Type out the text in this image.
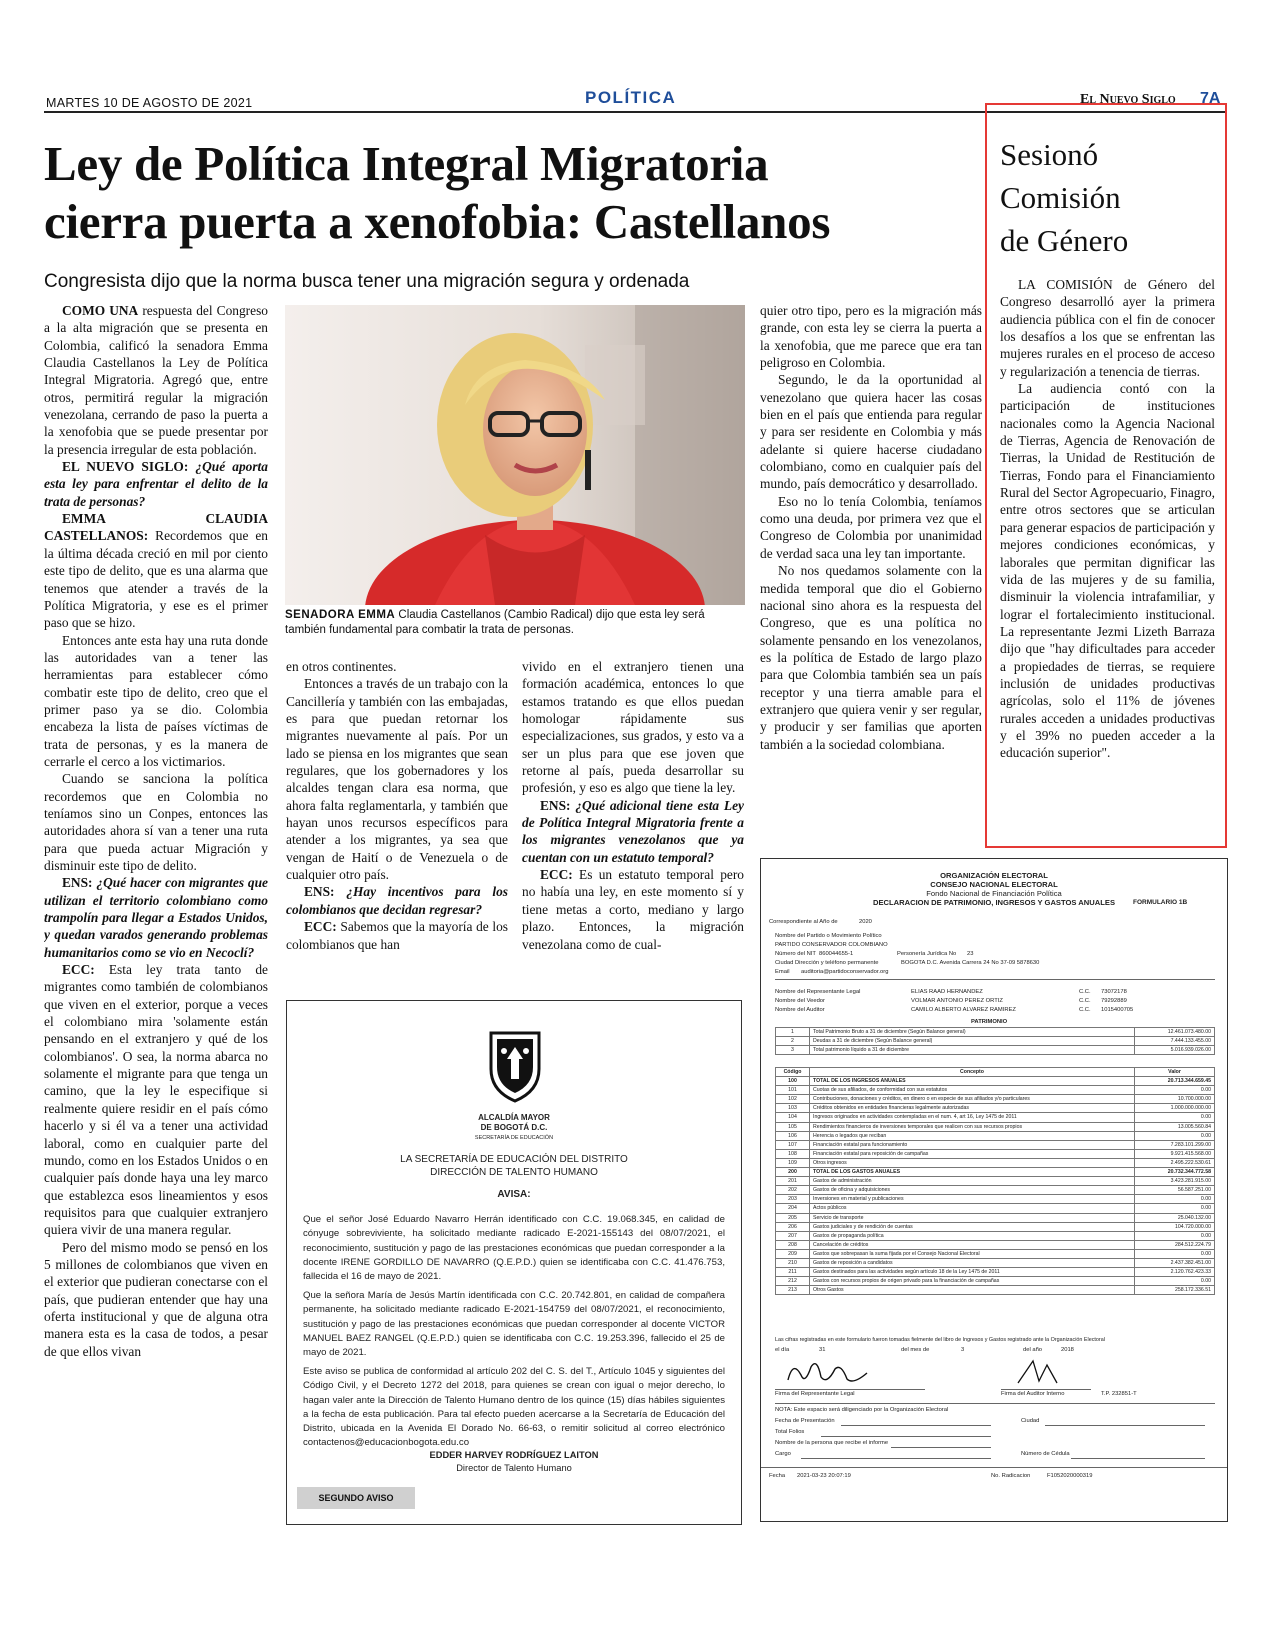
MARTES 10 DE AGOSTO DE 2021	POLÍTICA	El Nuevo Siglo 7A
Ley de Política Integral Migratoria
cierra puerta a xenofobia: Castellanos
Congresista dijo que la norma busca tener una migración segura y ordenada

COMO UNA respuesta del Congreso a la alta migración que se presenta en Colombia, calificó la senadora Emma Claudia Castellanos la Ley de Política Integral Migratoria. Agregó que, entre otros, permitirá regular la migración venezolana, cerrando de paso la puerta a la xenofobia que se puede presentar por la presencia irregular de esta población.

EL NUEVO SIGLO: ¿Qué aporta esta ley para enfrentar el delito de la trata de personas?

EMMA CLAUDIA CASTELLANOS: Recordemos que en la última década creció en mil por ciento este tipo de delito, que es una alarma que tenemos que atender a través de la Política Migratoria, y ese es el primer paso que se hizo.

Entonces ante esta hay una ruta donde las autoridades van a tener las herramientas para establecer cómo combatir este tipo de delito, creo que el primer paso ya se dio. Colombia encabeza la lista de países víctimas de trata de personas, y es la manera de cerrarle el cerco a los victimarios.

Cuando se sanciona la política recordemos que en Colombia no teníamos sino un Conpes, entonces las autoridades ahora sí van a tener una ruta para que pueda actuar Migración y disminuir este tipo de delito.

ENS: ¿Qué hacer con migrantes que utilizan el territorio colombiano como trampolín para llegar a Estados Unidos, y quedan varados generando problemas humanitarios como se vio en Necoclí?

ECC: Esta ley trata tanto de migrantes como también de colombianos que viven en el exterior, porque a veces el colombiano mira 'solamente están pensando en el extranjero y qué de los colombianos'. O sea, la norma abarca no solamente el migrante para que tenga un camino, que la ley le especifique si realmente quiere residir en el país cómo hacerlo y si él va a tener una actividad laboral, como en cualquier parte del mundo, como en los Estados Unidos o en cualquier país donde haya una ley marco que establezca esos lineamientos y esos requisitos para que cualquier extranjero quiera vivir de una manera regular.

Pero del mismo modo se pensó en los 5 millones de colombianos que viven en el exterior que pudieran conectarse con el país, que pudieran entender que hay una oferta institucional y que de alguna otra manera esta es la casa de todos, a pesar de que ellos vivan

SENADORA EMMA Claudia Castellanos (Cambio Radical) dijo que esta ley será también fundamental para combatir la trata de personas.

en otros continentes.

Entonces a través de un trabajo con la Cancillería y también con las embajadas, es para que puedan retornar los migrantes nuevamente al país. Por un lado se piensa en los migrantes que sean regulares, que los gobernadores y los alcaldes tengan clara esa norma, que ahora falta reglamentarla, y también que hayan unos recursos específicos para atender a los migrantes, ya sea que vengan de Haití o de Venezuela o de cualquier otro país.

ENS: ¿Hay incentivos para los colombianos que decidan regresar?

ECC: Sabemos que la mayoría de los colombianos que han

vivido en el extranjero tienen una formación académica, entonces lo que estamos tratando es que ellos puedan homologar rápidamente sus especializaciones, sus grados, y esto va a ser un plus para que ese joven que retorne al país, pueda desarrollar su profesión, y eso es algo que tiene la ley.

ENS: ¿Qué adicional tiene esta Ley de Política Integral Migratoria frente a los migrantes venezolanos que ya cuentan con un estatuto temporal?

ECC: Es un estatuto temporal pero no había una ley, en este momento sí y tiene metas a corto, mediano y largo plazo. Entonces, la migración venezolana como de cual-

quier otro tipo, pero es la migración más grande, con esta ley se cierra la puerta a la xenofobia, que me parece que era tan peligroso en Colombia.

Segundo, le da la oportunidad al venezolano que quiera hacer las cosas bien en el país que entienda para regular y para ser residente en Colombia y más adelante si quiere hacerse ciudadano colombiano, como en cualquier país del mundo, país democrático y desarrollado.

Eso no lo tenía Colombia, teníamos como una deuda, por primera vez que el Congreso de Colombia por unanimidad de verdad saca una ley tan importante.

No nos quedamos solamente con la medida temporal que dio el Gobierno nacional sino ahora es la respuesta del Congreso, que es una política no solamente pensando en los venezolanos, es la política de Estado de largo plazo para que Colombia también sea un país receptor y una tierra amable para el extranjero que quiera venir y ser regular, y producir y ser familias que aporten también a la sociedad colombiana.

Sesionó
Comisión
de Género

LA COMISIÓN de Género del Congreso desarrolló ayer la primera audiencia pública con el fin de conocer los desafíos a los que se enfrentan las mujeres rurales en el proceso de acceso y regularización a tenencia de tierras.

La audiencia contó con la participación de instituciones nacionales como la Agencia Nacional de Tierras, Agencia de Renovación de Tierras, la Unidad de Restitución de Tierras, Fondo para el Financiamiento Rural del Sector Agropecuario, Finagro, entre otros sectores que se articulan para generar espacios de participación y mejores condiciones económicas, y laborales que permitan dignificar las vida de las mujeres y de su familia, disminuir la violencia intrafamiliar, y lograr el fortalecimiento institucional. La representante Jezmi Lizeth Barraza dijo que "hay dificultades para acceder a propiedades de tierras, se requiere inclusión de unidades productivas agrícolas, solo el 11% de jóvenes rurales acceden a unidades productivas y el 39% no pueden acceder a la educación superior".

ALCALDÍA MAYOR
DE BOGOTÁ D.C.
SECRETARÍA DE EDUCACIÓN
LA SECRETARÍA DE EDUCACIÓN DEL DISTRITO
DIRECCIÓN DE TALENTO HUMANO
AVISA:
Que el señor José Eduardo Navarro Herrán identificado con C.C. 19.068.345, en calidad de cónyuge sobreviviente, ha solicitado mediante radicado E-2021-155143 del 08/07/2021, el reconocimiento, sustitución y pago de las prestaciones económicas que puedan corresponder a la docente IRENE GORDILLO DE NAVARRO (Q.E.P.D.) quien se identificaba con C.C. 41.476.753, fallecida el 16 de mayo de 2021.
Que la señora María de Jesús Martín identificada con C.C. 20.742.801, en calidad de compañera permanente, ha solicitado mediante radicado E-2021-154759 del 08/07/2021, el reconocimiento, sustitución y pago de las prestaciones económicas que puedan corresponder al docente VICTOR MANUEL BAEZ RANGEL (Q.E.P.D.) quien se identificaba con C.C. 19.253.396, fallecido el 25 de mayo de 2021.
Este aviso se publica de conformidad al artículo 202 del C. S. del T., Artículo 1045 y siguientes del Código Civil, y el Decreto 1272 del 2018, para quienes se crean con igual o mejor derecho, lo hagan valer ante la Dirección de Talento Humano dentro de los quince (15) días hábiles siguientes a la fecha de esta publicación. Para tal efecto pueden acercarse a la Secretaría de Educación del Distrito, ubicada en la Avenida El Dorado No. 66-63, o remitir solicitud al correo electrónico contactenos@educacionbogota.edu.co
EDDER HARVEY RODRÍGUEZ LAITON
Director de Talento Humano
SEGUNDO AVISO
ORGANIZACIÓN ELECTORAL
CONSEJO NACIONAL ELECTORAL
Fondo Nacional de Financiación Política
DECLARACION DE PATRIMONIO, INGRESOS Y GASTOS ANUALES	FORMULARIO 1B
Correspondiente al Año de	2020
Nombre del Partido o Movimiento Político
PARTIDO CONSERVADOR COLOMBIANO
Número del NIT 860044655-1	Personería Jurídica No 23
Ciudad Dirección y teléfono permanente	BOGOTA D.C. Avenida Carrera 24 No 37-09 5878630
Email auditoria@partidoconservador.org
Nombre del Representante Legal	ELIAS RAAD HERNANDEZ	C.C. 73072178
Nombre del Veedor	VOLMAR ANTONIO PEREZ ORTIZ	C.C. 79292889
Nombre del Auditor	CAMILO ALBERTO ALVAREZ RAMIREZ	C.C. 1015400705
PATRIMONIO
1	Total Patrimonio Bruto a 31 de diciembre (Según Balance general)	12.461.073.480.00
2	Deudas a 31 de diciembre (Según Balance general)	7.444.133.455.00
3	Total patrimonio líquido a 31 de diciembre	5.016.939.026.00
Código	Concepto	Valor
100	TOTAL DE LOS INGRESOS ANUALES	20.713.344.659.45
101	Cuotas de sus afiliados, de conformidad con sus estatutos	0.00
102	Contribuciones, donaciones y créditos, en dinero o en especie de sus afiliados y/o particulares	10.700.000.00
103	Créditos obtenidos en entidades financieras legalmente autorizadas	1.000.000.000.00
104	Ingresos originados en actividades contempladas en el num. 4, art 16, Ley 1475 de 2011	0.00
105	Rendimientos financieros de inversiones temporales que realicen con sus recursos propios	13.005.560.84
106	Herencia o legados que reciban	0.00
107	Financiación estatal para funcionamiento	7.283.101.299.00
108	Financiación estatal para reposición de campañas	9.921.415.568.00
109	Otros ingresos	2.495.222.530.61
200	TOTAL DE LOS GASTOS ANUALES	20.732.344.772.58
201	Gastos de administración	3.423.281.915.00
202	Gastos de oficina y adquisiciones	56.587.251.00
203	Inversiones en material y publicaciones	0.00
204	Actos públicos	0.00
205	Servicio de transporte	25.040.132.00
206	Gastos judiciales y de rendición de cuentas	104.720.000.00
207	Gastos de propaganda política	0.00
208	Cancelación de créditos	284.512.224.79
209	Gastos que sobrepasan la suma fijada por el Consejo Nacional Electoral	0.00
210	Gastos de reposición a candidatos	2.437.382.451.00
211	Gastos destinados para las actividades según artículo 18 de la Ley 1475 de 2011	2.120.762.423.33
212	Gastos con recursos propios de origen privado para la financiación de campañas	0.00
213	Otros Gastos	258.172.336.51
Las cifras registradas en este formulario fueron tomadas fielmente del libro de Ingresos y Gastos registrado ante la Organización Electoral
el día	31	del mes de	3	del año	2018
Firma del Representante Legal	Firma del Auditor Interno	T.P. 232851-T
NOTA: Este espacio será diligenciado por la Organización Electoral
Fecha de Presentación	Ciudad
Total Folios
Nombre de la persona que recibe el informe
Cargo	Número de Cédula
Fecha 2021-03-23 20:07:19	No. Radicacion	F1052020000319
